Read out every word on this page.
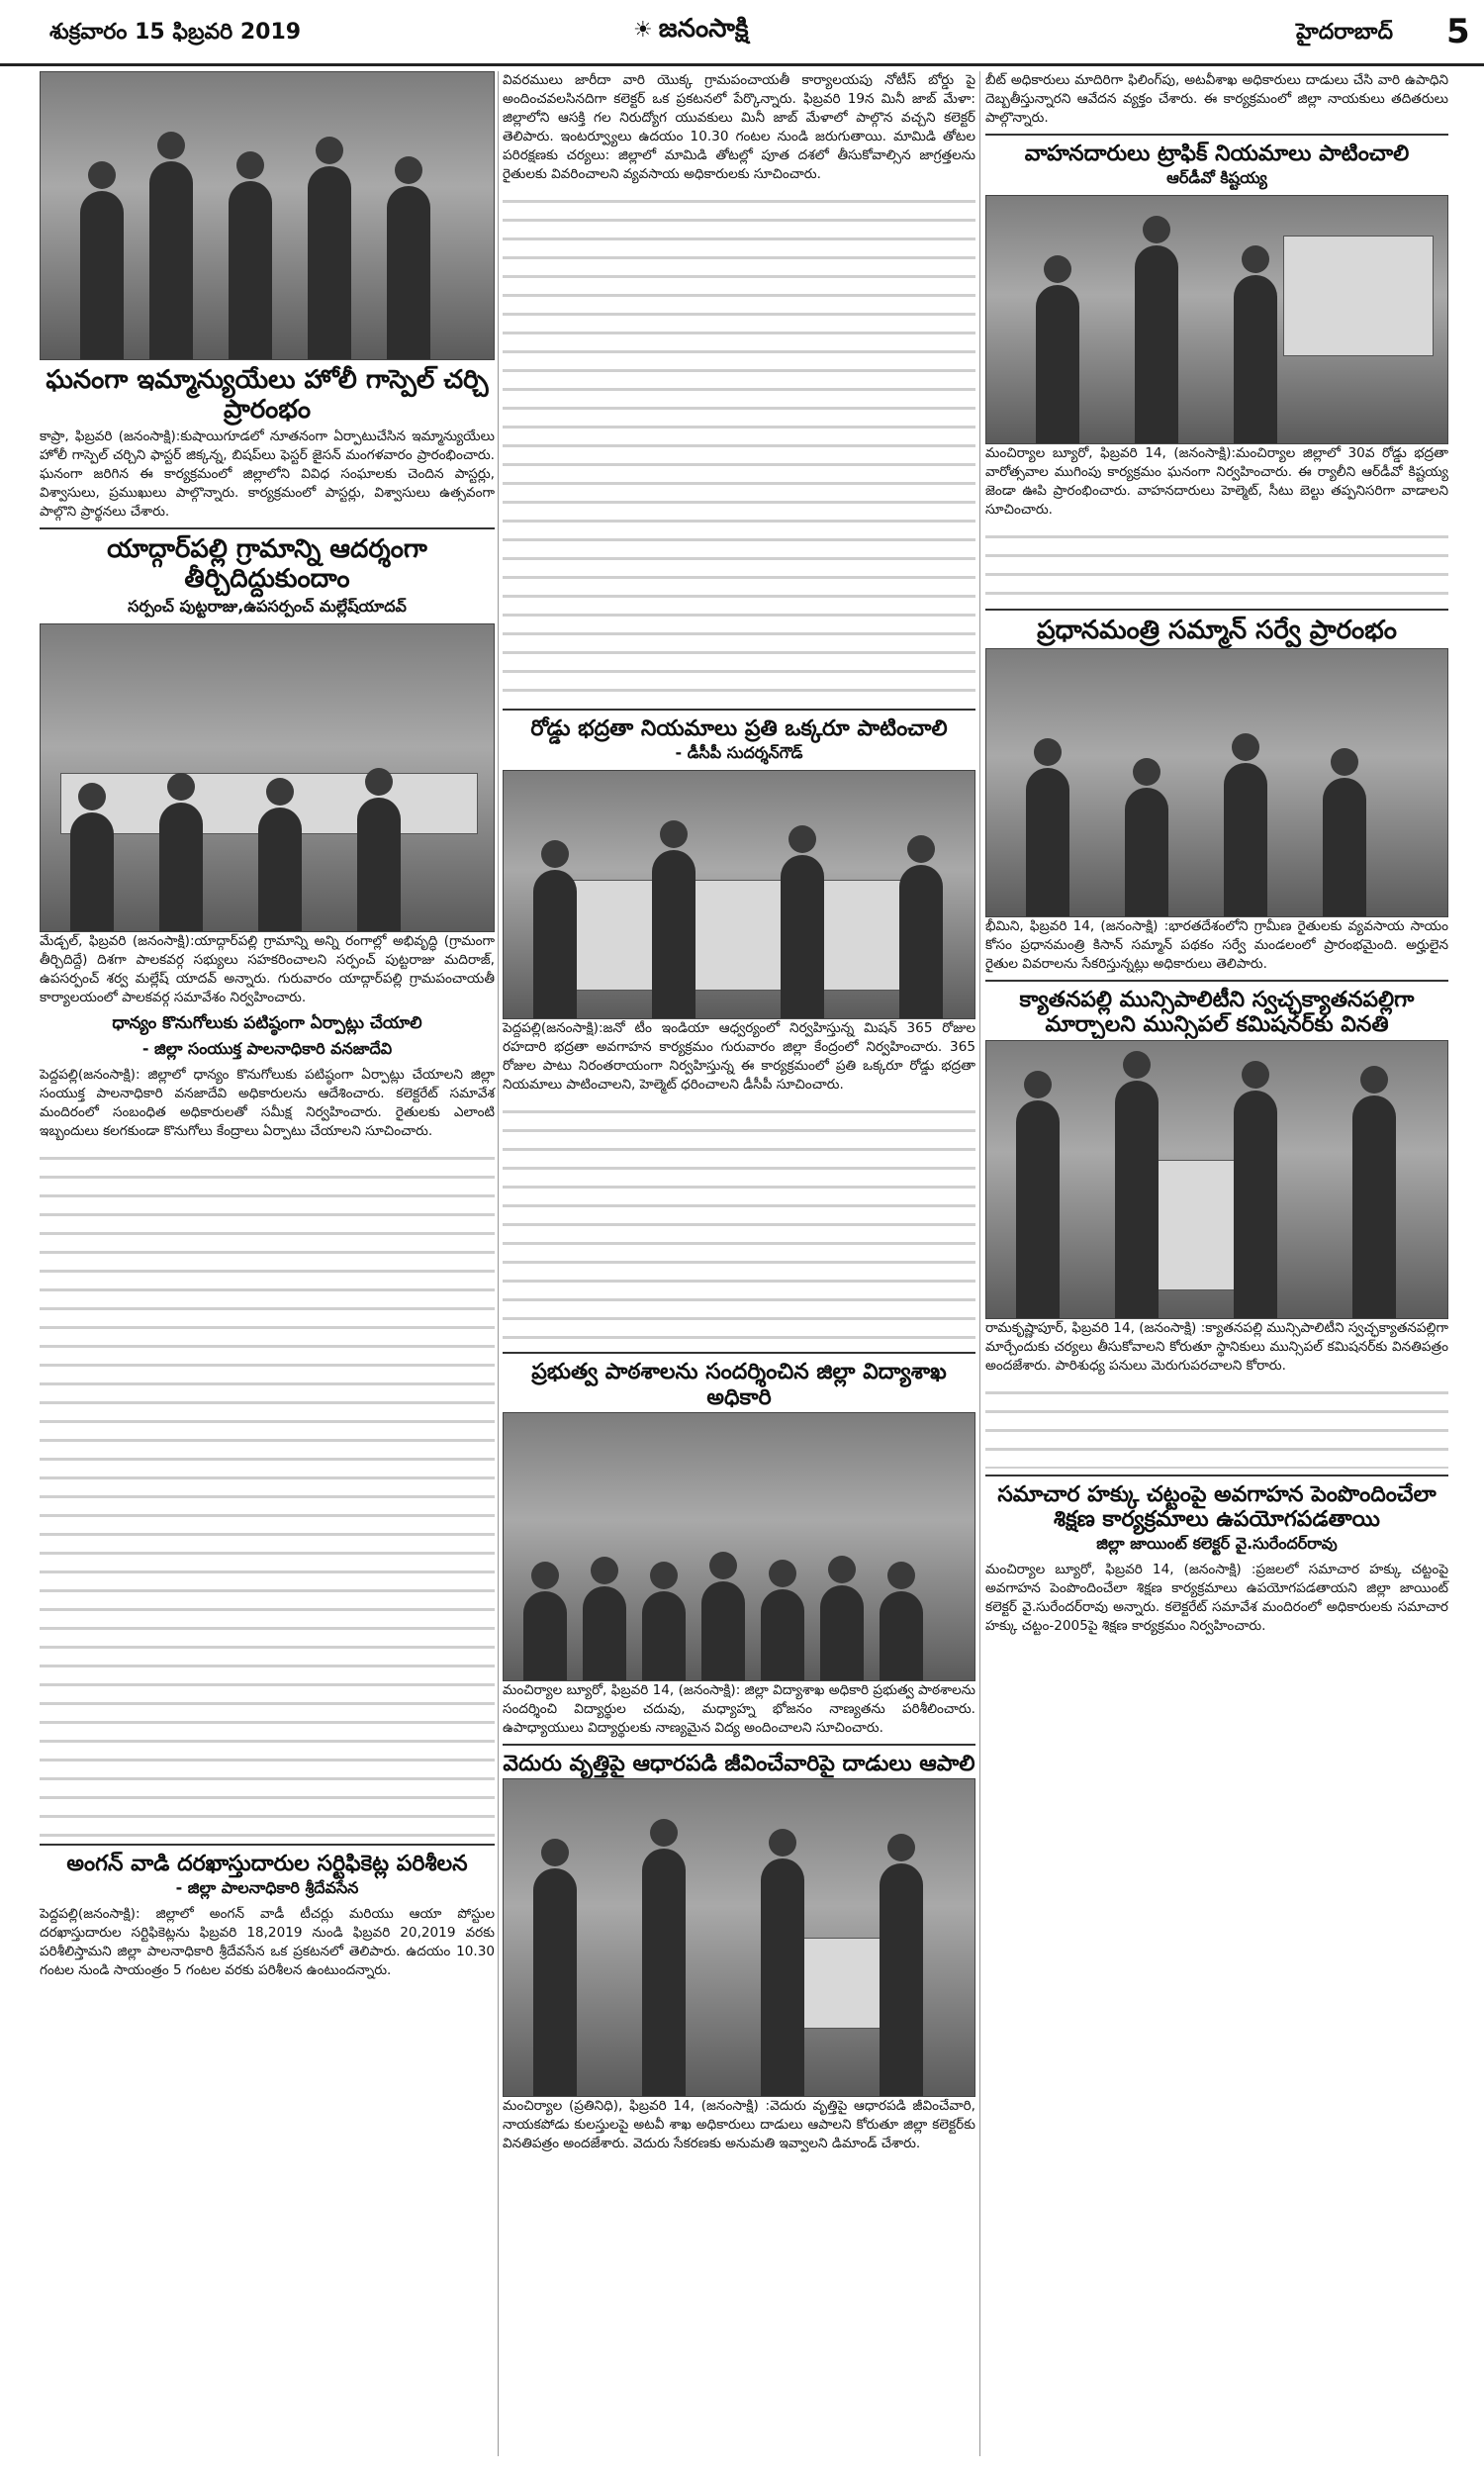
శుక్రవారం 15 ఫిబ్రవరి 2019	☀ జనంసాక్షి	హైదరాబాద్ 5
ఘనంగా ఇమ్మాన్యుయేలు హోలీ గాస్పెల్ చర్చి ప్రారంభం

కాప్రా, ఫిబ్రవరి (జనంసాక్షి):కుషాయిగూడలో నూతనంగా ఏర్పాటుచేసిన ఇమ్మాన్యుయేలు హోలీ గాస్పెల్ చర్చిని ఫాస్టర్ జిక్కన్న, బిషప్‌లు ఫెస్టర్ జైసన్ మంగళవారం ప్రారంభించారు. ఘనంగా జరిగిన ఈ కార్యక్రమంలో జిల్లాలోని వివిధ సంఘాలకు చెందిన పాస్టర్లు, విశ్వాసులు, ప్రముఖులు పాల్గొన్నారు. కార్యక్రమంలో పాస్టర్లు, విశ్వాసులు ఉత్సవంగా పాల్గొని ప్రార్థనలు చేశారు.

యాద్గార్‌పల్లి గ్రామాన్ని ఆదర్శంగా తీర్చిదిద్దుకుందాం
సర్పంచ్ పుట్టరాజు,ఉపసర్పంచ్ మల్లేష్‌యాదవ్

మేడ్చల్, ఫిబ్రవరి (జనంసాక్షి):యాద్గార్‌పల్లి గ్రామాన్ని అన్ని రంగాల్లో అభివృద్ధి (గ్రామంగా తీర్చిదిద్దే) దిశగా పాలకవర్గ సభ్యులు సహకరించాలని సర్పంచ్ పుట్టరాజు మదిరాజ్, ఉపసర్పంచ్ శర్వ మల్లేష్ యాదవ్ అన్నారు. గురువారం యాద్గార్‌పల్లి గ్రామపంచాయతీ కార్యాలయంలో పాలకవర్గ సమావేశం నిర్వహించారు.

ధాన్యం కొనుగోలుకు పటిష్ఠంగా ఏర్పాట్లు చేయాలి
- జిల్లా సంయుక్త పాలనాధికారి వనజాదేవి

పెద్దపల్లి(జనంసాక్షి): జిల్లాలో ధాన్యం కొనుగోలుకు పటిష్ఠంగా ఏర్పాట్లు చేయాలని జిల్లా సంయుక్త పాలనాధికారి వనజాదేవి అధికారులను ఆదేశించారు. కలెక్టరేట్ సమావేశ మందిరంలో సంబంధిత అధికారులతో సమీక్ష నిర్వహించారు. రైతులకు ఎలాంటి ఇబ్బందులు కలగకుండా కొనుగోలు కేంద్రాలు ఏర్పాటు చేయాలని సూచించారు.

అంగన్ వాడి దరఖాస్తుదారుల సర్టిఫికెట్ల పరిశీలన
- జిల్లా పాలనాధికారి శ్రీదేవసేన

పెద్దపల్లి(జనంసాక్షి): జిల్లాలో అంగన్ వాడీ టీచర్లు మరియు ఆయా పోస్టుల దరఖాస్తుదారుల సర్టిఫికెట్లను ఫిబ్రవరి 18,2019 నుండి ఫిబ్రవరి 20,2019 వరకు పరిశీలిస్తామని జిల్లా పాలనాధికారి శ్రీదేవసేన ఒక ప్రకటనలో తెలిపారు. ఉదయం 10.30 గంటల నుండి సాయంత్రం 5 గంటల వరకు పరిశీలన ఉంటుందన్నారు.

వివరములు జారీదా వారి యొక్క గ్రామపంచాయతీ కార్యాలయపు నోటీస్ బోర్డు పై అందించవలసినదిగా కలెక్టర్ ఒక ప్రకటనలో పేర్కొన్నారు. ఫిబ్రవరి 19న మినీ జాబ్ మేళా: జిల్లాలోని ఆసక్తి గల నిరుద్యోగ యువకులు మినీ జాబ్ మేళాలో పాల్గొన వచ్చని కలెక్టర్ తెలిపారు. ఇంటర్వ్యూలు ఉదయం 10.30 గంటల నుండి జరుగుతాయి. మామిడి తోటల పరిరక్షణకు చర్యలు: జిల్లాలో మామిడి తోటల్లో పూత దశలో తీసుకోవాల్సిన జాగ్రత్తలను రైతులకు వివరించాలని వ్యవసాయ అధికారులకు సూచించారు.

రోడ్డు భద్రతా నియమాలు ప్రతి ఒక్కరూ పాటించాలి
- డీసీపీ సుదర్శన్‌గౌడ్

పెద్దపల్లి(జనంసాక్షి):జనో టీం ఇండియా ఆధ్వర్యంలో నిర్వహిస్తున్న మిషన్ 365 రోజుల రహదారి భద్రతా అవగాహన కార్యక్రమం గురువారం జిల్లా కేంద్రంలో నిర్వహించారు. 365 రోజుల పాటు నిరంతరాయంగా నిర్వహిస్తున్న ఈ కార్యక్రమంలో ప్రతి ఒక్కరూ రోడ్డు భద్రతా నియమాలు పాటించాలని, హెల్మెట్ ధరించాలని డీసీపీ సూచించారు.

ప్రభుత్వ పాఠశాలను సందర్శించిన జిల్లా విద్యాశాఖ అధికారి

మంచిర్యాల బ్యూరో, ఫిబ్రవరి 14, (జనంసాక్షి): జిల్లా విద్యాశాఖ అధికారి ప్రభుత్వ పాఠశాలను సందర్శించి విద్యార్థుల చదువు, మధ్యాహ్న భోజనం నాణ్యతను పరిశీలించారు. ఉపాధ్యాయులు విద్యార్థులకు నాణ్యమైన విద్య అందించాలని సూచించారు.

వెదురు వృత్తిపై ఆధారపడి జీవించేవారిపై దాడులు ఆపాలి

మంచిర్యాల (ప్రతినిధి), ఫిబ్రవరి 14, (జనంసాక్షి) :వెదురు వృత్తిపై ఆధారపడి జీవించేవారి, నాయకపోడు కులస్తులపై అటవీ శాఖ అధికారులు దాడులు ఆపాలని కోరుతూ జిల్లా కలెక్టర్‌కు వినతిపత్రం అందజేశారు. వెదురు సేకరణకు అనుమతి ఇవ్వాలని డిమాండ్ చేశారు.

బీట్ అధికారులు మాదిరిగా ఫిలింగ్‌పు, అటవీశాఖ అధికారులు దాడులు చేసి వారి ఉపాధిని దెబ్బతీస్తున్నారని ఆవేదన వ్యక్తం చేశారు. ఈ కార్యక్రమంలో జిల్లా నాయకులు తదితరులు పాల్గొన్నారు.

వాహనదారులు ట్రాఫిక్ నియమాలు పాటించాలి
ఆర్‌డీవో కిష్టయ్య

మంచిర్యాల బ్యూరో, ఫిబ్రవరి 14, (జనంసాక్షి):మంచిర్యాల జిల్లాలో 30వ రోడ్డు భద్రతా వారోత్సవాల ముగింపు కార్యక్రమం ఘనంగా నిర్వహించారు. ఈ ర్యాలీని ఆర్‌డీవో కిష్టయ్య జెండా ఊపి ప్రారంభించారు. వాహనదారులు హెల్మెట్, సీటు బెల్టు తప్పనిసరిగా వాడాలని సూచించారు.

ప్రధానమంత్రి సమ్మాన్ సర్వే ప్రారంభం

భీమిని, ఫిబ్రవరి 14, (జనంసాక్షి) :భారతదేశంలోని గ్రామీణ రైతులకు వ్యవసాయ సాయం కోసం ప్రధానమంత్రి కిసాన్ సమ్మాన్ పథకం సర్వే మండలంలో ప్రారంభమైంది. అర్హులైన రైతుల వివరాలను సేకరిస్తున్నట్లు అధికారులు తెలిపారు.

క్యాతనపల్లి మున్సిపాలిటీని స్వచ్ఛక్యాతనపల్లిగా మార్చాలని మున్సిపల్ కమిషనర్‌కు వినతి

రామకృష్ణాపూర్, ఫిబ్రవరి 14, (జనంసాక్షి) :క్యాతనపల్లి మున్సిపాలిటీని స్వచ్ఛక్యాతనపల్లిగా మార్చేందుకు చర్యలు తీసుకోవాలని కోరుతూ స్థానికులు మున్సిపల్ కమిషనర్‌కు వినతిపత్రం అందజేశారు. పారిశుధ్య పనులు మెరుగుపరచాలని కోరారు.

సమాచార హక్కు చట్టంపై అవగాహన పెంపొందించేలా శిక్షణ కార్యక్రమాలు ఉపయోగపడతాయి
జిల్లా జాయింట్ కలెక్టర్ వై.సురేందర్‌రావు

మంచిర్యాల బ్యూరో, ఫిబ్రవరి 14, (జనంసాక్షి) :ప్రజలలో సమాచార హక్కు చట్టంపై అవగాహన పెంపొందించేలా శిక్షణ కార్యక్రమాలు ఉపయోగపడతాయని జిల్లా జాయింట్ కలెక్టర్ వై.సురేందర్‌రావు అన్నారు. కలెక్టరేట్ సమావేశ మందిరంలో అధికారులకు సమాచార హక్కు చట్టం-2005పై శిక్షణ కార్యక్రమం నిర్వహించారు.
